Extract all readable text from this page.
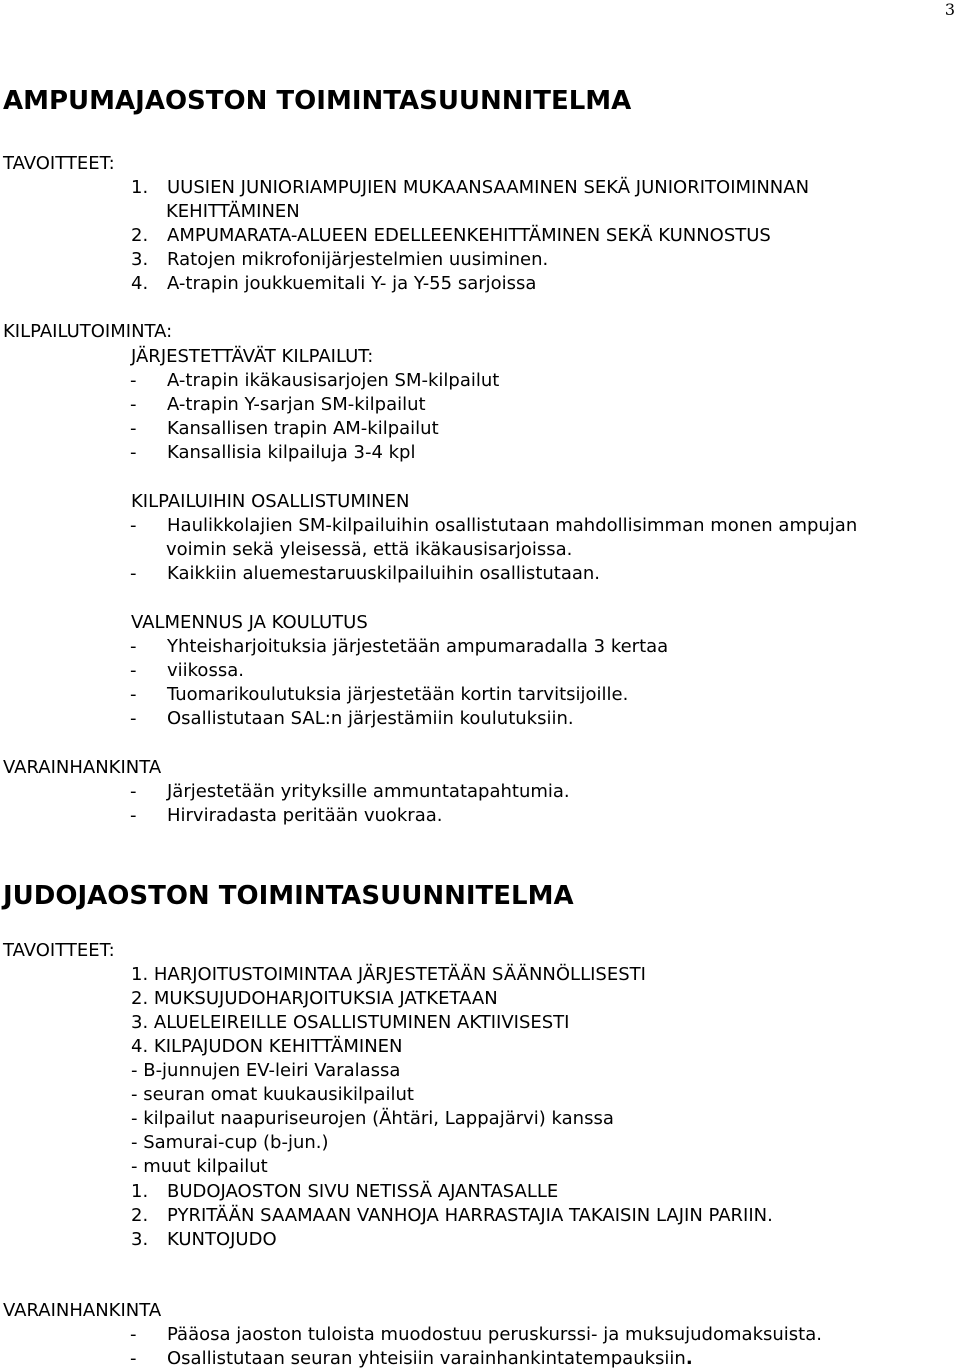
3
AMPUMAJAOSTON TOIMINTASUUNNITELMA
TAVOITTEET:
1. UUSIEN JUNIORIAMPUJIEN MUKAANSAAMINEN SEKÄ JUNIORITOIMINNAN
KEHITTÄMINEN
2. AMPUMARATA-ALUEEN EDELLEENKEHITTÄMINEN SEKÄ KUNNOSTUS
3. Ratojen mikrofonijärjestelmien uusiminen.
4. A-trapin joukkuemitali Y- ja Y-55 sarjoissa
KILPAILUTOIMINTA:
JÄRJESTETTÄVÄT KILPAILUT:
- A-trapin ikäkausisarjojen SM-kilpailut
- A-trapin Y-sarjan SM-kilpailut
- Kansallisen trapin AM-kilpailut
- Kansallisia kilpailuja 3-4 kpl
KILPAILUIHIN OSALLISTUMINEN
- Haulikkolajien SM-kilpailuihin osallistutaan mahdollisimman monen ampujan
voimin sekä yleisessä, että ikäkausisarjoissa.
- Kaikkiin aluemestaruuskilpailuihin osallistutaan.
VALMENNUS JA KOULUTUS
- Yhteisharjoituksia järjestetään ampumaradalla 3 kertaa
- viikossa.
- Tuomarikoulutuksia järjestetään kortin tarvitsijoille.
- Osallistutaan SAL:n järjestämiin koulutuksiin.
VARAINHANKINTA
- Järjestetään yrityksille ammuntatapahtumia.
- Hirviradasta peritään vuokraa.
JUDOJAOSTON TOIMINTASUUNNITELMA
TAVOITTEET:
1. HARJOITUSTOIMINTAA JÄRJESTETÄÄN SÄÄNNÖLLISESTI
2. MUKSUJUDOHARJOITUKSIA JATKETAAN
3. ALUELEIREILLE OSALLISTUMINEN AKTIIVISESTI
4. KILPAJUDON KEHITTÄMINEN
- B-junnujen EV-leiri Varalassa
- seuran omat kuukausikilpailut
- kilpailut naapuriseurojen (Ähtäri, Lappajärvi) kanssa
- Samurai-cup (b-jun.)
- muut kilpailut
1. BUDOJAOSTON SIVU NETISSÄ AJANTASALLE
2. PYRITÄÄN SAAMAAN VANHOJA HARRASTAJIA TAKAISIN LAJIN PARIIN.
3. KUNTOJUDO
VARAINHANKINTA
- Pääosa jaoston tuloista muodostuu peruskurssi- ja muksujudomaksuista.
- Osallistutaan seuran yhteisiin varainhankintatempauksiin.
